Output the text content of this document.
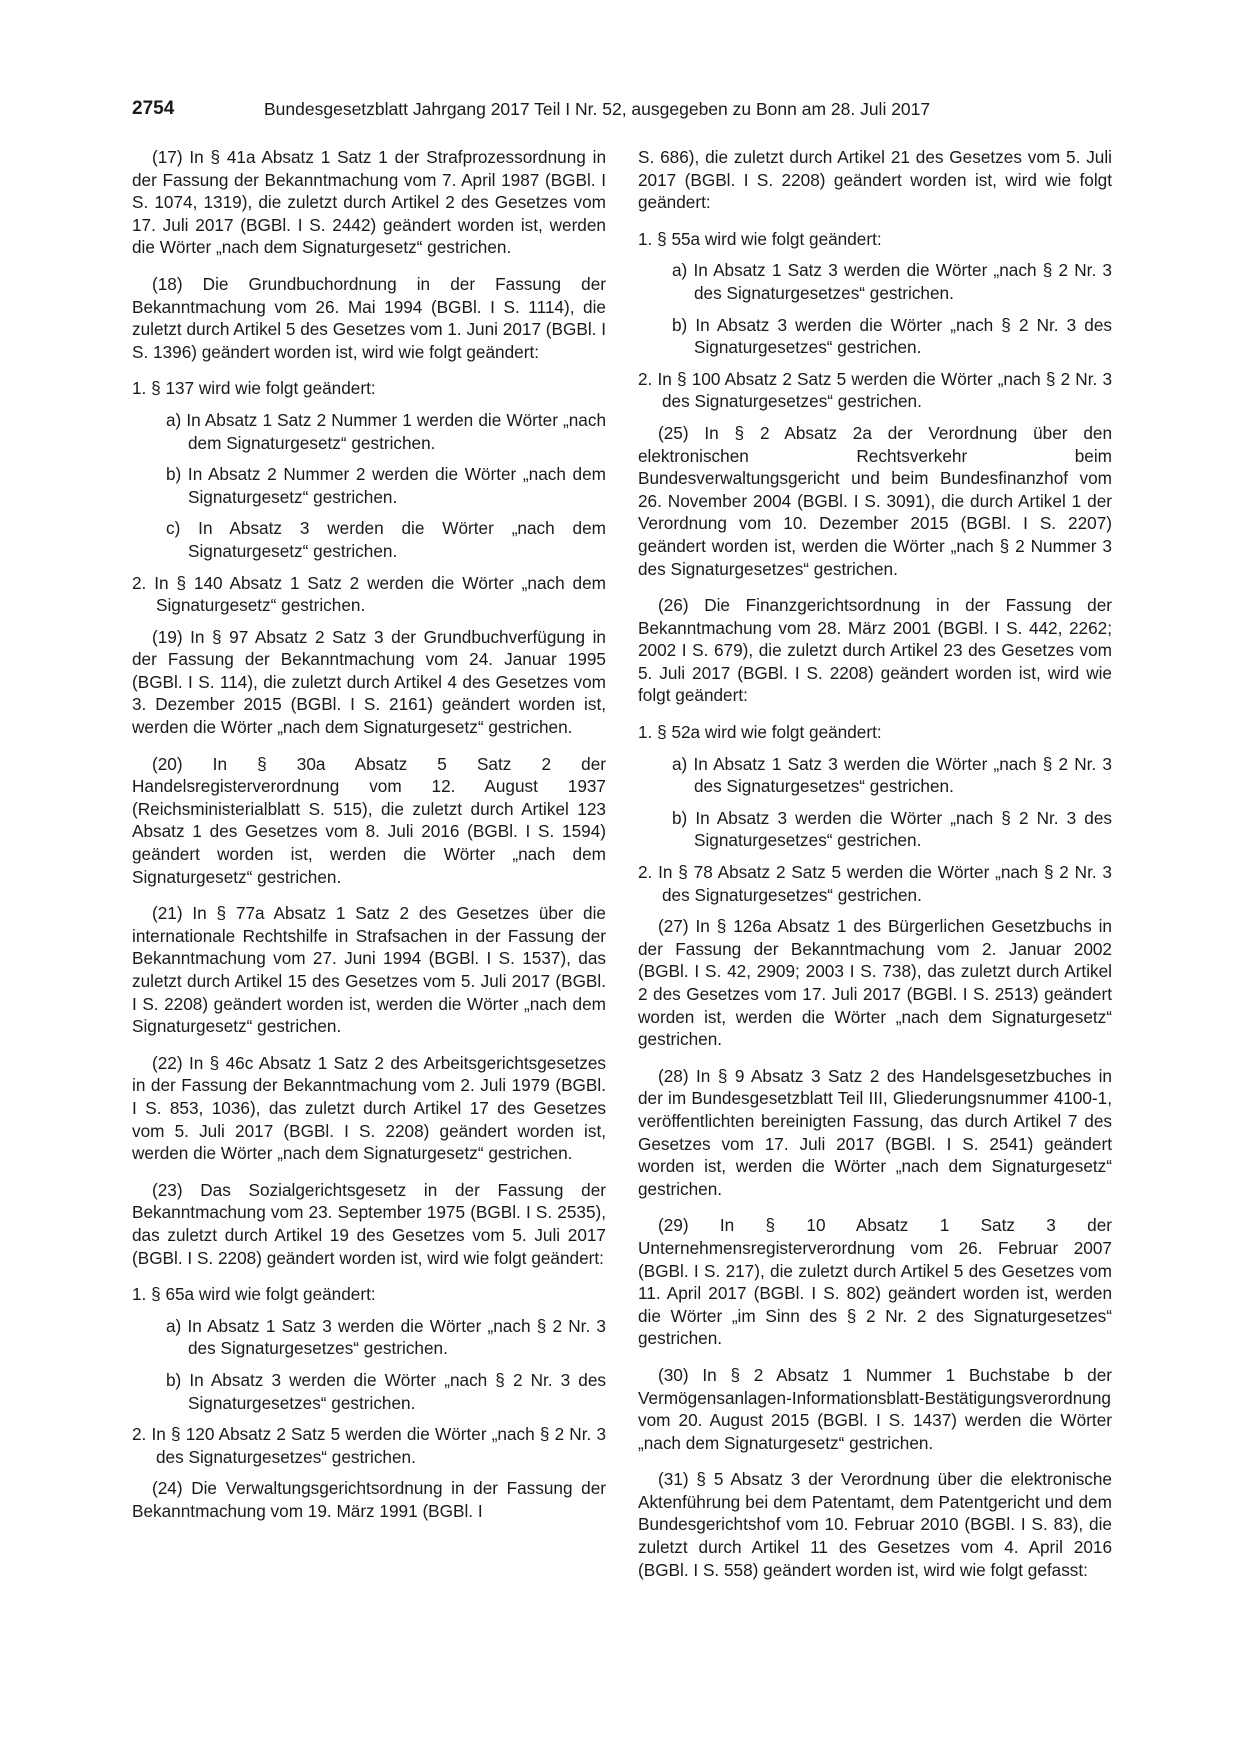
2754	Bundesgesetzblatt Jahrgang 2017 Teil I Nr. 52, ausgegeben zu Bonn am 28. Juli 2017

(17) In § 41a Absatz 1 Satz 1 der Strafprozessordnung in der Fassung der Bekanntmachung vom 7. April 1987 (BGBl. I S. 1074, 1319), die zuletzt durch Artikel 2 des Gesetzes vom 17. Juli 2017 (BGBl. I S. 2442) geändert worden ist, werden die Wörter „nach dem Signaturgesetz“ gestrichen.

(18) Die Grundbuchordnung in der Fassung der Bekanntmachung vom 26. Mai 1994 (BGBl. I S. 1114), die zuletzt durch Artikel 5 des Gesetzes vom 1. Juni 2017 (BGBl. I S. 1396) geändert worden ist, wird wie folgt geändert:

1. § 137 wird wie folgt geändert:

a) In Absatz 1 Satz 2 Nummer 1 werden die Wörter „nach dem Signaturgesetz“ gestrichen.

b) In Absatz 2 Nummer 2 werden die Wörter „nach dem Signaturgesetz“ gestrichen.

c) In Absatz 3 werden die Wörter „nach dem Signaturgesetz“ gestrichen.

2. In § 140 Absatz 1 Satz 2 werden die Wörter „nach dem Signaturgesetz“ gestrichen.

(19) In § 97 Absatz 2 Satz 3 der Grundbuchverfügung in der Fassung der Bekanntmachung vom 24. Januar 1995 (BGBl. I S. 114), die zuletzt durch Artikel 4 des Gesetzes vom 3. Dezember 2015 (BGBl. I S. 2161) geändert worden ist, werden die Wörter „nach dem Signaturgesetz“ gestrichen.

(20) In § 30a Absatz 5 Satz 2 der Handelsregisterverordnung vom 12. August 1937 (Reichsministerialblatt S. 515), die zuletzt durch Artikel 123 Absatz 1 des Gesetzes vom 8. Juli 2016 (BGBl. I S. 1594) geändert worden ist, werden die Wörter „nach dem Signaturgesetz“ gestrichen.

(21) In § 77a Absatz 1 Satz 2 des Gesetzes über die internationale Rechtshilfe in Strafsachen in der Fassung der Bekanntmachung vom 27. Juni 1994 (BGBl. I S. 1537), das zuletzt durch Artikel 15 des Gesetzes vom 5. Juli 2017 (BGBl. I S. 2208) geändert worden ist, werden die Wörter „nach dem Signaturgesetz“ gestrichen.

(22) In § 46c Absatz 1 Satz 2 des Arbeitsgerichtsgesetzes in der Fassung der Bekanntmachung vom 2. Juli 1979 (BGBl. I S. 853, 1036), das zuletzt durch Artikel 17 des Gesetzes vom 5. Juli 2017 (BGBl. I S. 2208) geändert worden ist, werden die Wörter „nach dem Signaturgesetz“ gestrichen.

(23) Das Sozialgerichtsgesetz in der Fassung der Bekanntmachung vom 23. September 1975 (BGBl. I S. 2535), das zuletzt durch Artikel 19 des Gesetzes vom 5. Juli 2017 (BGBl. I S. 2208) geändert worden ist, wird wie folgt geändert:

1. § 65a wird wie folgt geändert:

a) In Absatz 1 Satz 3 werden die Wörter „nach § 2 Nr. 3 des Signaturgesetzes“ gestrichen.

b) In Absatz 3 werden die Wörter „nach § 2 Nr. 3 des Signaturgesetzes“ gestrichen.

2. In § 120 Absatz 2 Satz 5 werden die Wörter „nach § 2 Nr. 3 des Signaturgesetzes“ gestrichen.

(24) Die Verwaltungsgerichtsordnung in der Fassung der Bekanntmachung vom 19. März 1991 (BGBl. I

S. 686), die zuletzt durch Artikel 21 des Gesetzes vom 5. Juli 2017 (BGBl. I S. 2208) geändert worden ist, wird wie folgt geändert:

1. § 55a wird wie folgt geändert:

a) In Absatz 1 Satz 3 werden die Wörter „nach § 2 Nr. 3 des Signaturgesetzes“ gestrichen.

b) In Absatz 3 werden die Wörter „nach § 2 Nr. 3 des Signaturgesetzes“ gestrichen.

2. In § 100 Absatz 2 Satz 5 werden die Wörter „nach § 2 Nr. 3 des Signaturgesetzes“ gestrichen.

(25) In § 2 Absatz 2a der Verordnung über den elektronischen Rechtsverkehr beim Bundesverwaltungsgericht und beim Bundesfinanzhof vom 26. November 2004 (BGBl. I S. 3091), die durch Artikel 1 der Verordnung vom 10. Dezember 2015 (BGBl. I S. 2207) geändert worden ist, werden die Wörter „nach § 2 Nummer 3 des Signaturgesetzes“ gestrichen.

(26) Die Finanzgerichtsordnung in der Fassung der Bekanntmachung vom 28. März 2001 (BGBl. I S. 442, 2262; 2002 I S. 679), die zuletzt durch Artikel 23 des Gesetzes vom 5. Juli 2017 (BGBl. I S. 2208) geändert worden ist, wird wie folgt geändert:

1. § 52a wird wie folgt geändert:

a) In Absatz 1 Satz 3 werden die Wörter „nach § 2 Nr. 3 des Signaturgesetzes“ gestrichen.

b) In Absatz 3 werden die Wörter „nach § 2 Nr. 3 des Signaturgesetzes“ gestrichen.

2. In § 78 Absatz 2 Satz 5 werden die Wörter „nach § 2 Nr. 3 des Signaturgesetzes“ gestrichen.

(27) In § 126a Absatz 1 des Bürgerlichen Gesetzbuchs in der Fassung der Bekanntmachung vom 2. Januar 2002 (BGBl. I S. 42, 2909; 2003 I S. 738), das zuletzt durch Artikel 2 des Gesetzes vom 17. Juli 2017 (BGBl. I S. 2513) geändert worden ist, werden die Wörter „nach dem Signaturgesetz“ gestrichen.

(28) In § 9 Absatz 3 Satz 2 des Handelsgesetzbuches in der im Bundesgesetzblatt Teil III, Gliederungsnummer 4100-1, veröffentlichten bereinigten Fassung, das durch Artikel 7 des Gesetzes vom 17. Juli 2017 (BGBl. I S. 2541) geändert worden ist, werden die Wörter „nach dem Signaturgesetz“ gestrichen.

(29) In § 10 Absatz 1 Satz 3 der Unternehmensregisterverordnung vom 26. Februar 2007 (BGBl. I S. 217), die zuletzt durch Artikel 5 des Gesetzes vom 11. April 2017 (BGBl. I S. 802) geändert worden ist, werden die Wörter „im Sinn des § 2 Nr. 2 des Signaturgesetzes“ gestrichen.

(30) In § 2 Absatz 1 Nummer 1 Buchstabe b der Vermögensanlagen-Informationsblatt-Bestätigungsverordnung vom 20. August 2015 (BGBl. I S. 1437) werden die Wörter „nach dem Signaturgesetz“ gestrichen.

(31) § 5 Absatz 3 der Verordnung über die elektronische Aktenführung bei dem Patentamt, dem Patentgericht und dem Bundesgerichtshof vom 10. Februar 2010 (BGBl. I S. 83), die zuletzt durch Artikel 11 des Gesetzes vom 4. April 2016 (BGBl. I S. 558) geändert worden ist, wird wie folgt gefasst:
